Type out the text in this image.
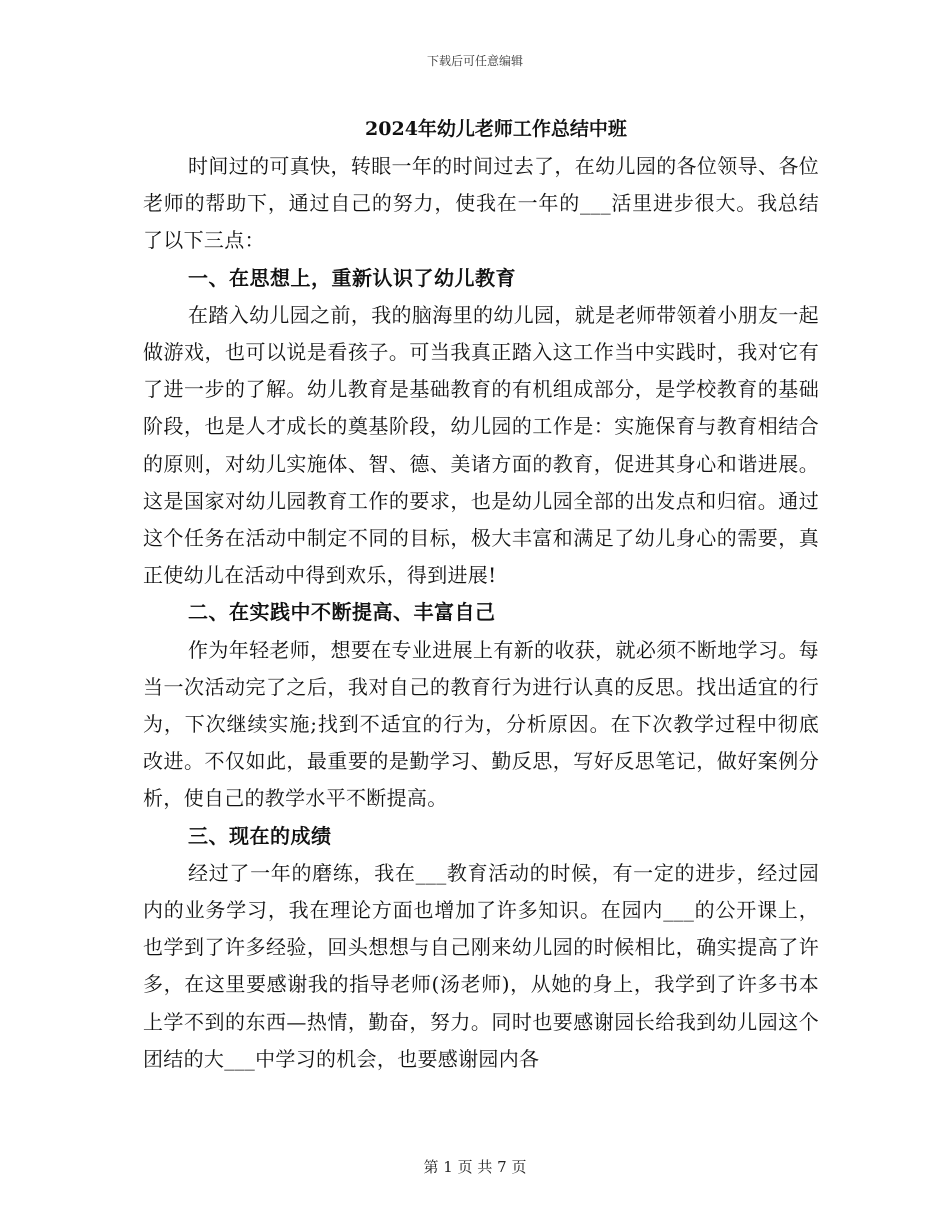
下载后可任意编辑
2024年幼儿老师工作总结中班

时间过的可真快，转眼一年的时间过去了，在幼儿园的各位领导、各位老师的帮助下，通过自己的努力，使我在一年的___活里进步很大。我总结了以下三点：

一、在思想上，重新认识了幼儿教育

在踏入幼儿园之前，我的脑海里的幼儿园，就是老师带领着小朋友一起做游戏，也可以说是看孩子。可当我真正踏入这工作当中实践时，我对它有了进一步的了解。幼儿教育是基础教育的有机组成部分，是学校教育的基础阶段，也是人才成长的奠基阶段，幼儿园的工作是：实施保育与教育相结合的原则，对幼儿实施体、智、德、美诸方面的教育，促进其身心和谐进展。这是国家对幼儿园教育工作的要求，也是幼儿园全部的出发点和归宿。通过这个任务在活动中制定不同的目标，极大丰富和满足了幼儿身心的需要，真正使幼儿在活动中得到欢乐，得到进展!

二、在实践中不断提高、丰富自己

作为年轻老师，想要在专业进展上有新的收获，就必须不断地学习。每当一次活动完了之后，我对自己的教育行为进行认真的反思。找出适宜的行为，下次继续实施;找到不适宜的行为，分析原因。在下次教学过程中彻底改进。不仅如此，最重要的是勤学习、勤反思，写好反思笔记，做好案例分析，使自己的教学水平不断提高。

三、现在的成绩

经过了一年的磨练，我在___教育活动的时候，有一定的进步，经过园内的业务学习，我在理论方面也增加了许多知识。在园内___的公开课上，也学到了许多经验，回头想想与自己刚来幼儿园的时候相比，确实提高了许多，在这里要感谢我的指导老师(汤老师)，从她的身上，我学到了许多书本上学不到的东西—热情，勤奋，努力。同时也要感谢园长给我到幼儿园这个团结的大___中学习的机会，也要感谢园内各

第 1 页 共 7 页
